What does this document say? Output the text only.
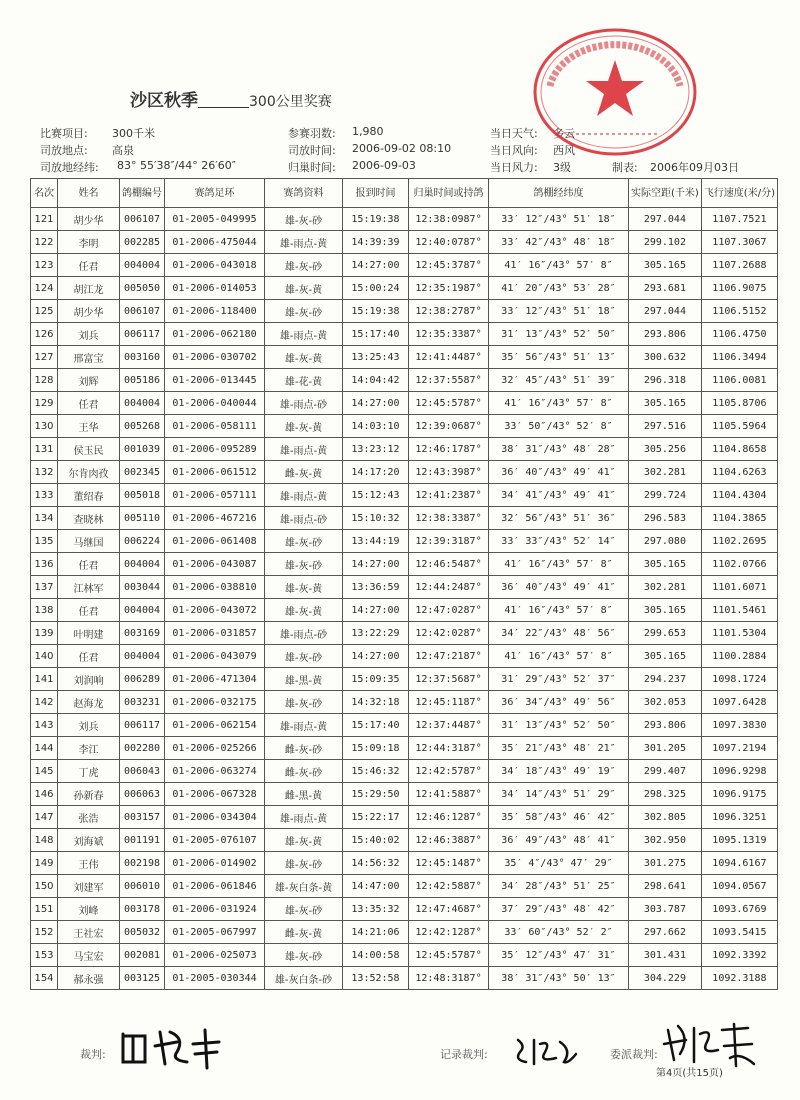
沙区秋季　　　	300公里奖赛
比赛项目: 300千米	参赛羽数: 1,980	当日天气: 多云
司放地点: 高泉	司放时间: 2006-09-02 08:10	当日风向: 西风
司放地经纬: 83° 55′38″/44° 26′60″	归巢时间: 2006-09-03	当日风力: 3级	制表: 2006年09月03日
名次	姓名	鸽棚编号	赛鸽足环	赛鸽资料	报到时间	归巢时间或持鸽	鸽棚经纬度	实际空距(千米)	飞行速度(米/分)
121	胡少华	006107	01-2005-049995	雄-灰-砂	15:19:38	12:38:0987°	33′ 12″/43° 51′ 18″	297.044	1107.7521
122	李明	002285	01-2006-475044	雄-雨点-黄	14:39:39	12:40:0787°	33′ 42″/43° 48′ 18″	299.102	1107.3067
123	任君	004004	01-2006-043018	雄-灰-砂	14:27:00	12:45:3787°	41′ 16″/43° 57′ 8″	305.165	1107.2688
124	胡江龙	005050	01-2006-014053	雄-灰-黄	15:00:24	12:35:1987°	41′ 20″/43° 53′ 28″	293.681	1106.9075
125	胡少华	006107	01-2006-118400	雄-灰-砂	15:19:38	12:38:2787°	33′ 12″/43° 51′ 18″	297.044	1106.5152
126	刘兵	006117	01-2006-062180	雄-雨点-黄	15:17:40	12:35:3387°	31′ 13″/43° 52′ 50″	293.806	1106.4750
127	邢富宝	003160	01-2006-030702	雄-灰-黄	13:25:43	12:41:4487°	35′ 56″/43° 51′ 13″	300.632	1106.3494
128	刘辉	005186	01-2006-013445	雄-花-黄	14:04:42	12:37:5587°	32′ 45″/43° 51′ 39″	296.318	1106.0081
129	任君	004004	01-2006-040044	雄-雨点-砂	14:27:00	12:45:5787°	41′ 16″/43° 57′ 8″	305.165	1105.8706
130	王华	005268	01-2006-058111	雄-灰-黄	14:03:10	12:39:0687°	33′ 50″/43° 52′ 8″	297.516	1105.5964
131	侯玉民	001039	01-2006-095289	雄-雨点-黄	13:23:12	12:46:1787°	38′ 31″/43° 48′ 28″	305.256	1104.8658
132	尔肯肉孜	002345	01-2006-061512	雌-灰-黄	14:17:20	12:43:3987°	36′ 40″/43° 49′ 41″	302.281	1104.6263
133	董绍春	005018	01-2006-057111	雄-雨点-黄	15:12:43	12:41:2387°	34′ 41″/43° 49′ 41″	299.724	1104.4304
134	查晓林	005110	01-2006-467216	雄-雨点-砂	15:10:32	12:38:3387°	32′ 56″/43° 51′ 36″	296.583	1104.3865
135	马继国	006224	01-2006-061408	雄-灰-砂	13:44:19	12:39:3187°	33′ 33″/43° 52′ 14″	297.080	1102.2695
136	任君	004004	01-2006-043087	雄-灰-砂	14:27:00	12:46:5487°	41′ 16″/43° 57′ 8″	305.165	1102.0766
137	江林军	003044	01-2006-038810	雄-灰-黄	13:36:59	12:44:2487°	36′ 40″/43° 49′ 41″	302.281	1101.6071
138	任君	004004	01-2006-043072	雄-灰-黄	14:27:00	12:47:0287°	41′ 16″/43° 57′ 8″	305.165	1101.5461
139	叶明建	003169	01-2006-031857	雄-雨点-砂	13:22:29	12:42:0287°	34′ 22″/43° 48′ 56″	299.653	1101.5304
140	任君	004004	01-2006-043079	雄-灰-砂	14:27:00	12:47:2187°	41′ 16″/43° 57′ 8″	305.165	1100.2884
141	刘润响	006289	01-2006-471304	雄-黑-黄	15:09:35	12:37:5687°	31′ 29″/43° 52′ 37″	294.237	1098.1724
142	赵海龙	003231	01-2006-032175	雄-灰-砂	14:32:18	12:45:1187°	36′ 34″/43° 49′ 56″	302.053	1097.6428
143	刘兵	006117	01-2006-062154	雄-雨点-黄	15:17:40	12:37:4487°	31′ 13″/43° 52′ 50″	293.806	1097.3830
144	李江	002280	01-2006-025266	雌-灰-砂	15:09:18	12:44:3187°	35′ 21″/43° 48′ 21″	301.205	1097.2194
145	丁虎	006043	01-2006-063274	雌-灰-砂	15:46:32	12:42:5787°	34′ 18″/43° 49′ 19″	299.407	1096.9298
146	孙新春	006063	01-2006-067328	雌-黑-黄	15:29:50	12:41:5887°	34′ 14″/43° 51′ 29″	298.325	1096.9175
147	张浩	003157	01-2006-034304	雄-雨点-黄	15:22:17	12:46:1287°	35′ 58″/43° 46′ 42″	302.805	1096.3251
148	刘海斌	001191	01-2005-076107	雄-灰-黄	15:40:02	12:46:3887°	36′ 49″/43° 48′ 41″	302.950	1095.1319
149	王伟	002198	01-2006-014902	雄-灰-砂	14:56:32	12:45:1487°	35′ 4″/43° 47′ 29″	301.275	1094.6167
150	刘建军	006010	01-2006-061846	雄-灰白条-黄	14:47:00	12:42:5887°	34′ 28″/43° 51′ 25″	298.641	1094.0567
151	刘峰	003178	01-2006-031924	雄-灰-砂	13:35:32	12:47:4687°	37′ 29″/43° 48′ 42″	303.787	1093.6769
152	王社宏	005032	01-2005-067997	雌-灰-黄	14:21:06	12:42:1287°	33′ 60″/43° 52′ 2″	297.662	1093.5415
153	马宝宏	002081	01-2006-025073	雄-灰-砂	14:00:58	12:45:5787°	35′ 12″/43° 47′ 31″	301.431	1092.3392
154	郝永强	003125	01-2005-030344	雄-灰白条-砂	13:52:58	12:48:3187°	38′ 31″/43° 50′ 13″	304.229	1092.3188
裁判:	记录裁判:	委派裁判:
第4页(共15页)
